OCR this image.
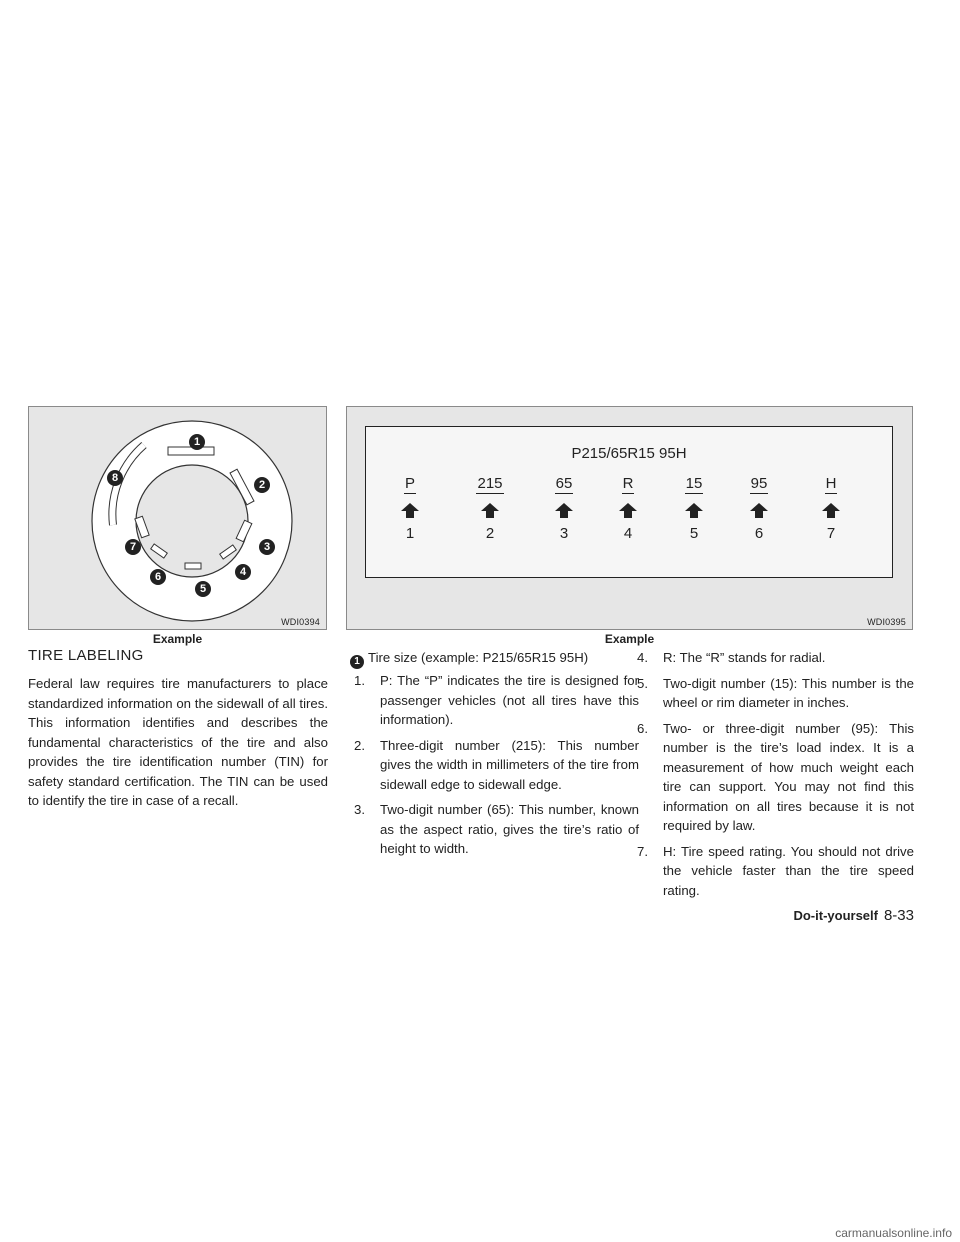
1
2
3
4
5
6
7
8
WDI0394
Example
P215/65R15 95H
P
1
215
2
65
3
R
4
15
5
95
6
H
7
WDI0395
Example
TIRE LABELING
Federal law requires tire manufacturers to place standardized information on the sidewall of all tires. This information identifies and describes the fundamental characteristics of the tire and also provides the tire identification number (TIN) for safety standard certification. The TIN can be used to identify the tire in case of a recall.
1 Tire size (example: P215/65R15 95H)
1. P: The “P” indicates the tire is designed for passenger vehicles (not all tires have this information).
2. Three-digit number (215): This number gives the width in millimeters of the tire from sidewall edge to sidewall edge.
3. Two-digit number (65): This number, known as the aspect ratio, gives the tire’s ratio of height to width.
4. R: The “R” stands for radial.
5. Two-digit number (15): This number is the wheel or rim diameter in inches.
6. Two- or three-digit number (95): This number is the tire’s load index. It is a measurement of how much weight each tire can support. You may not find this information on all tires because it is not required by law.
7. H: Tire speed rating. You should not drive the vehicle faster than the tire speed rating.
Do-it-yourself 8-33
carmanualsonline.info
